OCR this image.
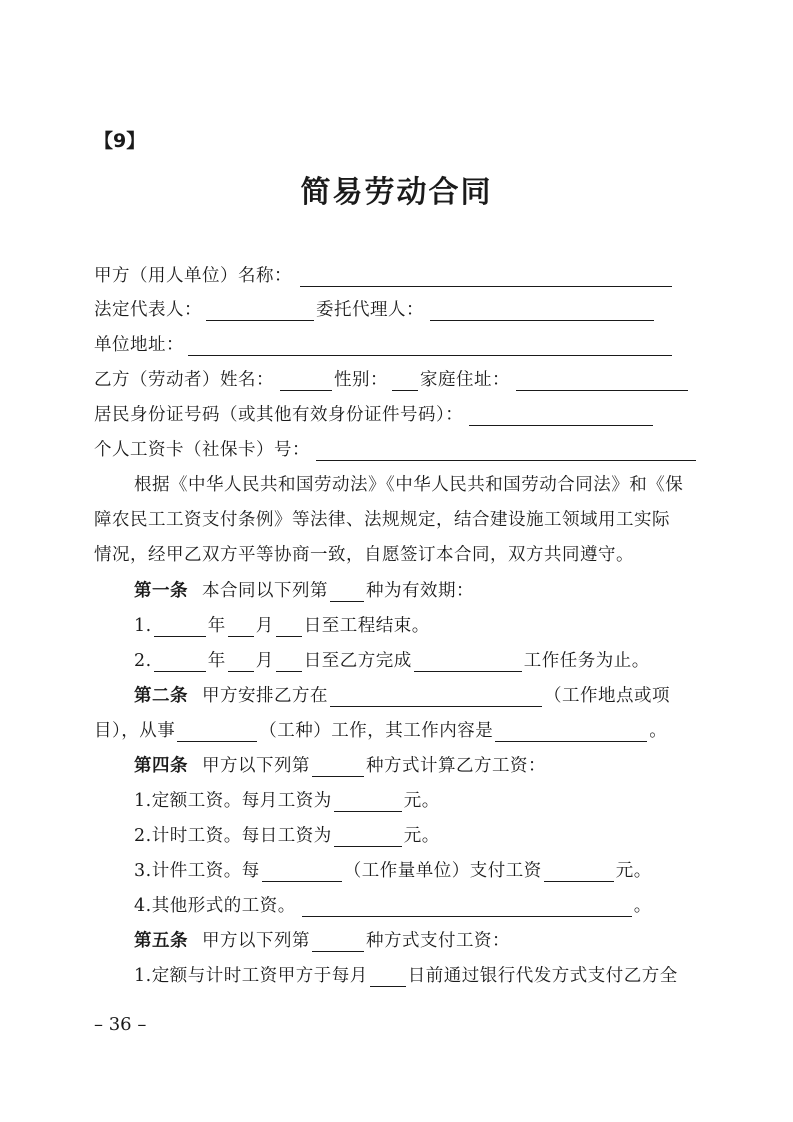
【9】
简易劳动合同
甲方（用人单位）名称：
法定代表人：	委托代理人：
单位地址：
乙方（劳动者）姓名：	性别： 家庭住址：
居民身份证号码（或其他有效身份证件号码）：
个人工资卡（社保卡）号：
根据《中华人民共和国劳动法》《中华人民共和国劳动合同法》和《保
障农民工工资支付条例》等法律、法规规定，结合建设施工领域用工实际
情况，经甲乙双方平等协商一致，自愿签订本合同，双方共同遵守。
第一条 本合同以下列第 种为有效期：
1.	年 月 日至工程结束。
2.	年 月 日至乙方完成	工作任务为止。
第二条 甲方安排乙方在	（工作地点或项
目），从事	（工种）工作，其工作内容是	。
第四条 甲方以下列第	种方式计算乙方工资：
1.定额工资。每月工资为	元。
2.计时工资。每日工资为	元。
3.计件工资。每	（工作量单位）支付工资	元。
4.其他形式的工资。	。
第五条 甲方以下列第	种方式支付工资：
1.定额与计时工资甲方于每月 日前通过银行代发方式支付乙方全
– 36 –
